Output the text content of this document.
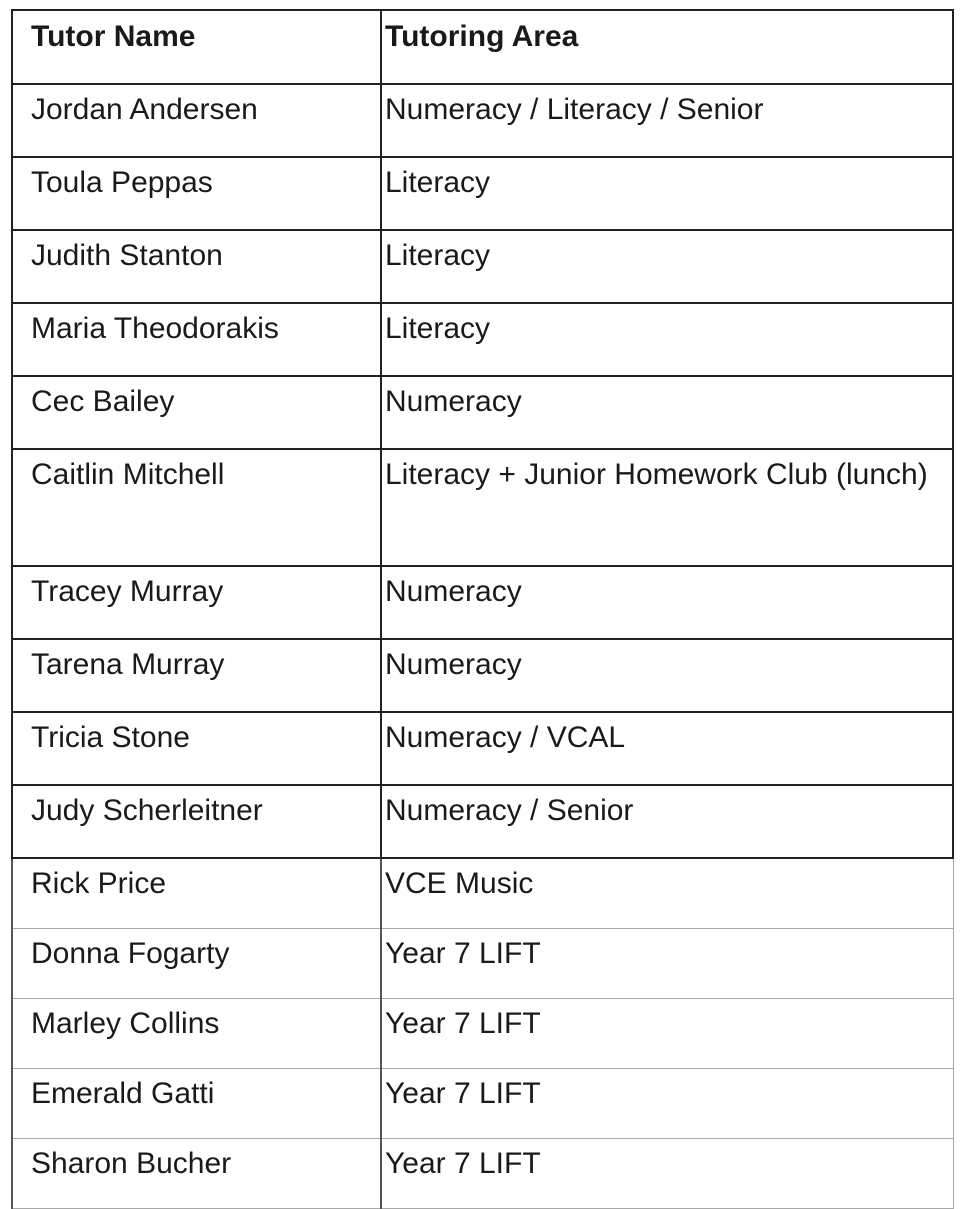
Tutor Name	Tutoring Area
Jordan Andersen	Numeracy / Literacy / Senior
Toula Peppas	Literacy
Judith Stanton	Literacy
Maria Theodorakis	Literacy
Cec Bailey	Numeracy
Caitlin Mitchell	Literacy + Junior Homework Club (lunch)
Tracey Murray	Numeracy
Tarena Murray	Numeracy
Tricia Stone	Numeracy / VCAL
Judy Scherleitner	Numeracy / Senior
Rick Price	VCE Music
Donna Fogarty	Year 7 LIFT
Marley Collins	Year 7 LIFT
Emerald Gatti	Year 7 LIFT
Sharon Bucher	Year 7 LIFT
